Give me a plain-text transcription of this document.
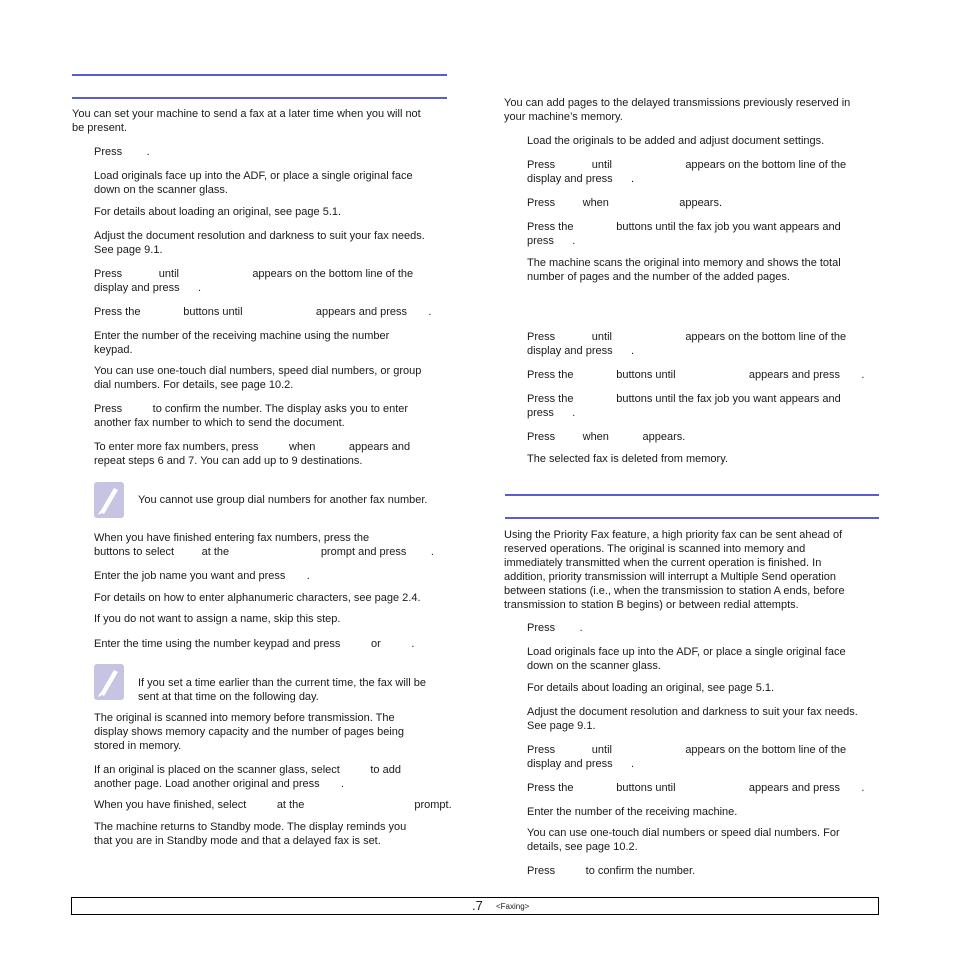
You can set your machine to send a fax at a later time when you will not
be present.

Press        .

Load originals face up into the ADF, or place a single original face
down on the scanner glass.

For details about loading an original, see page 5.1.

Adjust the document resolution and darkness to suit your fax needs.
See page 9.1.

Press            until                        appears on the bottom line of the
display and press      .

Press the              buttons until                        appears and press       .

Enter the number of the receiving machine using the number
keypad.

You can use one-touch dial numbers, speed dial numbers, or group
dial numbers. For details, see page 10.2.

Press          to confirm the number. The display asks you to enter
another fax number to which to send the document.

To enter more fax numbers, press          when           appears and
repeat steps 6 and 7. You can add up to 9 destinations.

You cannot use group dial numbers for another fax number.

When you have finished entering fax numbers, press the
buttons to select         at the                              prompt and press        .

Enter the job name you want and press       .

For details on how to enter alphanumeric characters, see page 2.4.

If you do not want to assign a name, skip this step.

Enter the time using the number keypad and press          or          .

If you set a time earlier than the current time, the fax will be
sent at that time on the following day.

The original is scanned into memory before transmission. The
display shows memory capacity and the number of pages being
stored in memory.

If an original is placed on the scanner glass, select          to add
another page. Load another original and press       .

When you have finished, select          at the                                    prompt.

The machine returns to Standby mode. The display reminds you
that you are in Standby mode and that a delayed fax is set.

You can add pages to the delayed transmissions previously reserved in
your machine’s memory.

Load the originals to be added and adjust document settings.

Press            until                        appears on the bottom line of the
display and press      .

Press         when                       appears.

Press the              buttons until the fax job you want appears and
press      .

The machine scans the original into memory and shows the total
number of pages and the number of the added pages.

Press            until                        appears on the bottom line of the
display and press      .

Press the              buttons until                        appears and press       .

Press the              buttons until the fax job you want appears and
press      .

Press         when           appears.

The selected fax is deleted from memory.

Using the Priority Fax feature, a high priority fax can be sent ahead of
reserved operations. The original is scanned into memory and
immediately transmitted when the current operation is finished. In
addition, priority transmission will interrupt a Multiple Send operation
between stations (i.e., when the transmission to station A ends, before
transmission to station B begins) or between redial attempts.

Press        .

Load originals face up into the ADF, or place a single original face
down on the scanner glass.

For details about loading an original, see page 5.1.

Adjust the document resolution and darkness to suit your fax needs.
See page 9.1.

Press            until                        appears on the bottom line of the
display and press      .

Press the              buttons until                        appears and press       .

Enter the number of the receiving machine.

You can use one-touch dial numbers or speed dial numbers. For
details, see page 10.2.

Press          to confirm the number.

.7 <Faxing>
